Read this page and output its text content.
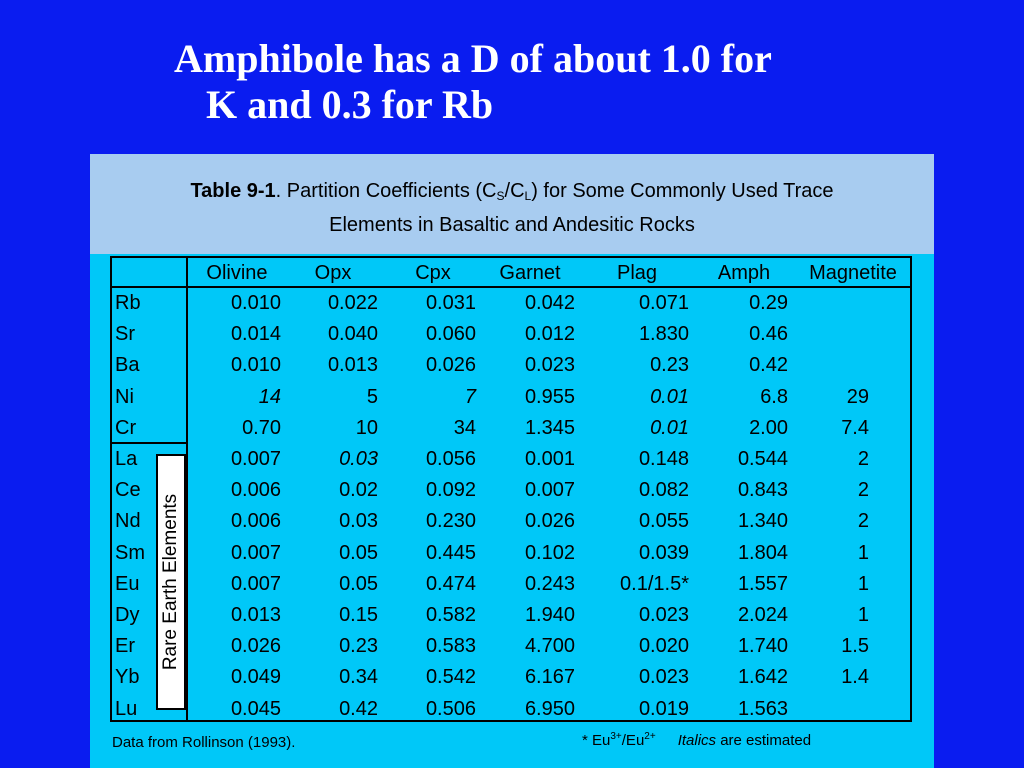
Amphibole has a D of about 1.0 for
K and 0.3 for Rb
Table 9-1. Partition Coefficients $(C_S/C_L)$ for Some Commonly Used Trace
Elements in Basaltic and Andesitic Rocks
Rare Earth Elements
Olivine	Opx	Cpx	Garnet	Plag	Amph	Magnetite
Rb	0.010	0.022	0.031	0.042	0.071	0.29
Sr	0.014	0.040	0.060	0.012	1.830	0.46
Ba	0.010	0.013	0.026	0.023	0.23	0.42
Ni	14	5	7	0.955	0.01	6.8	29
Cr	0.70	10	34	1.345	0.01	2.00	7.4
La	0.007	0.03	0.056	0.001	0.148	0.544	2
Ce	0.006	0.02	0.092	0.007	0.082	0.843	2
Nd	0.006	0.03	0.230	0.026	0.055	1.340	2
Sm	0.007	0.05	0.445	0.102	0.039	1.804	1
Eu	0.007	0.05	0.474	0.243	0.1/1.5*	1.557	1
Dy	0.013	0.15	0.582	1.940	0.023	2.024	1
Er	0.026	0.23	0.583	4.700	0.020	1.740	1.5
Yb	0.049	0.34	0.542	6.167	0.023	1.642	1.4
Lu	0.045	0.42	0.506	6.950	0.019	1.563
Data from Rollinson (1993).	* $Eu^{3+}/Eu^{2+}$ Italics are estimated
